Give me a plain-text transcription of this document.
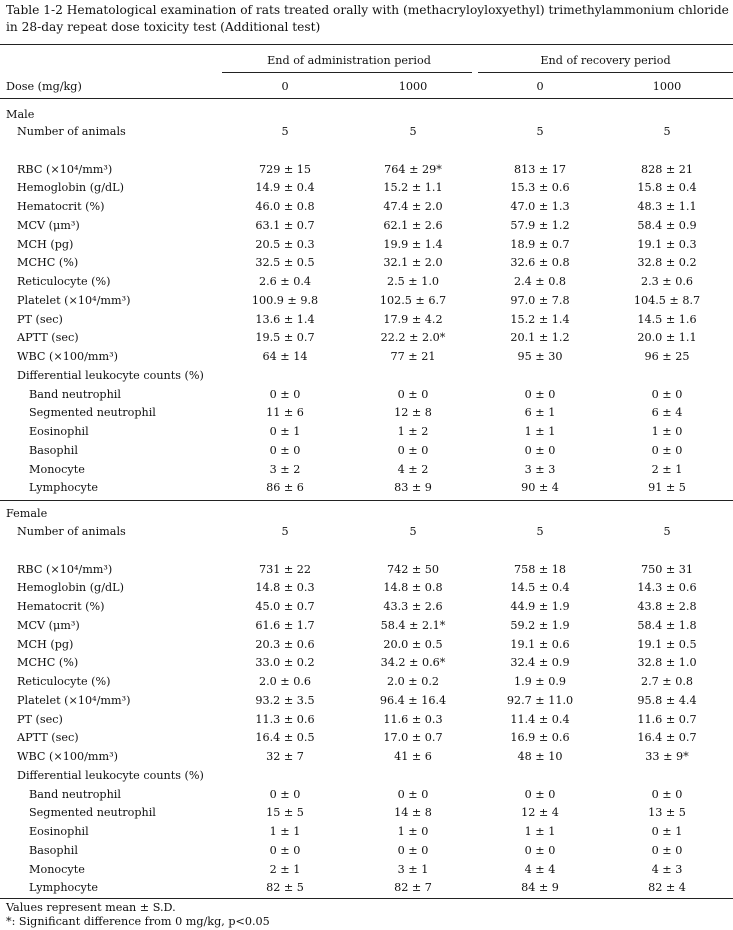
Table 1-2 Hematological examination of rats treated orally with (methacryloyloxyethyl) trimethylammonium chloride
in 28-day repeat dose toxicity test (Additional test)
End of administration period	End of recovery period
Dose (mg/kg)	0	1000	0	1000
Male
Number of animals	5	5	5	5
RBC (×10⁴/mm³)	729 ± 15	764 ± 29*	813 ± 17	828 ± 21
Hemoglobin (g/dL)	14.9 ± 0.4	15.2 ± 1.1	15.3 ± 0.6	15.8 ± 0.4
Hematocrit (%)	46.0 ± 0.8	47.4 ± 2.0	47.0 ± 1.3	48.3 ± 1.1
MCV (μm³)	63.1 ± 0.7	62.1 ± 2.6	57.9 ± 1.2	58.4 ± 0.9
MCH (pg)	20.5 ± 0.3	19.9 ± 1.4	18.9 ± 0.7	19.1 ± 0.3
MCHC (%)	32.5 ± 0.5	32.1 ± 2.0	32.6 ± 0.8	32.8 ± 0.2
Reticulocyte (%)	2.6 ± 0.4	2.5 ± 1.0	2.4 ± 0.8	2.3 ± 0.6
Platelet (×10⁴/mm³)	100.9 ± 9.8	102.5 ± 6.7	97.0 ± 7.8	104.5 ± 8.7
PT (sec)	13.6 ± 1.4	17.9 ± 4.2	15.2 ± 1.4	14.5 ± 1.6
APTT (sec)	19.5 ± 0.7	22.2 ± 2.0*	20.1 ± 1.2	20.0 ± 1.1
WBC (×100/mm³)	64 ± 14	77 ± 21	95 ± 30	96 ± 25
Differential leukocyte counts (%)
Band neutrophil	0 ± 0	0 ± 0	0 ± 0	0 ± 0
Segmented neutrophil	11 ± 6	12 ± 8	6 ± 1	6 ± 4
Eosinophil	0 ± 1	1 ± 2	1 ± 1	1 ± 0
Basophil	0 ± 0	0 ± 0	0 ± 0	0 ± 0
Monocyte	3 ± 2	4 ± 2	3 ± 3	2 ± 1
Lymphocyte	86 ± 6	83 ± 9	90 ± 4	91 ± 5
Female
Number of animals	5	5	5	5
RBC (×10⁴/mm³)	731 ± 22	742 ± 50	758 ± 18	750 ± 31
Hemoglobin (g/dL)	14.8 ± 0.3	14.8 ± 0.8	14.5 ± 0.4	14.3 ± 0.6
Hematocrit (%)	45.0 ± 0.7	43.3 ± 2.6	44.9 ± 1.9	43.8 ± 2.8
MCV (μm³)	61.6 ± 1.7	58.4 ± 2.1*	59.2 ± 1.9	58.4 ± 1.8
MCH (pg)	20.3 ± 0.6	20.0 ± 0.5	19.1 ± 0.6	19.1 ± 0.5
MCHC (%)	33.0 ± 0.2	34.2 ± 0.6*	32.4 ± 0.9	32.8 ± 1.0
Reticulocyte (%)	2.0 ± 0.6	2.0 ± 0.2	1.9 ± 0.9	2.7 ± 0.8
Platelet (×10⁴/mm³)	93.2 ± 3.5	96.4 ± 16.4	92.7 ± 11.0	95.8 ± 4.4
PT (sec)	11.3 ± 0.6	11.6 ± 0.3	11.4 ± 0.4	11.6 ± 0.7
APTT (sec)	16.4 ± 0.5	17.0 ± 0.7	16.9 ± 0.6	16.4 ± 0.7
WBC (×100/mm³)	32 ± 7	41 ± 6	48 ± 10	33 ± 9*
Differential leukocyte counts (%)
Band neutrophil	0 ± 0	0 ± 0	0 ± 0	0 ± 0
Segmented neutrophil	15 ± 5	14 ± 8	12 ± 4	13 ± 5
Eosinophil	1 ± 1	1 ± 0	1 ± 1	0 ± 1
Basophil	0 ± 0	0 ± 0	0 ± 0	0 ± 0
Monocyte	2 ± 1	3 ± 1	4 ± 4	4 ± 3
Lymphocyte	82 ± 5	82 ± 7	84 ± 9	82 ± 4
Values represent mean ± S.D.
*: Significant difference from 0 mg/kg, p<0.05
